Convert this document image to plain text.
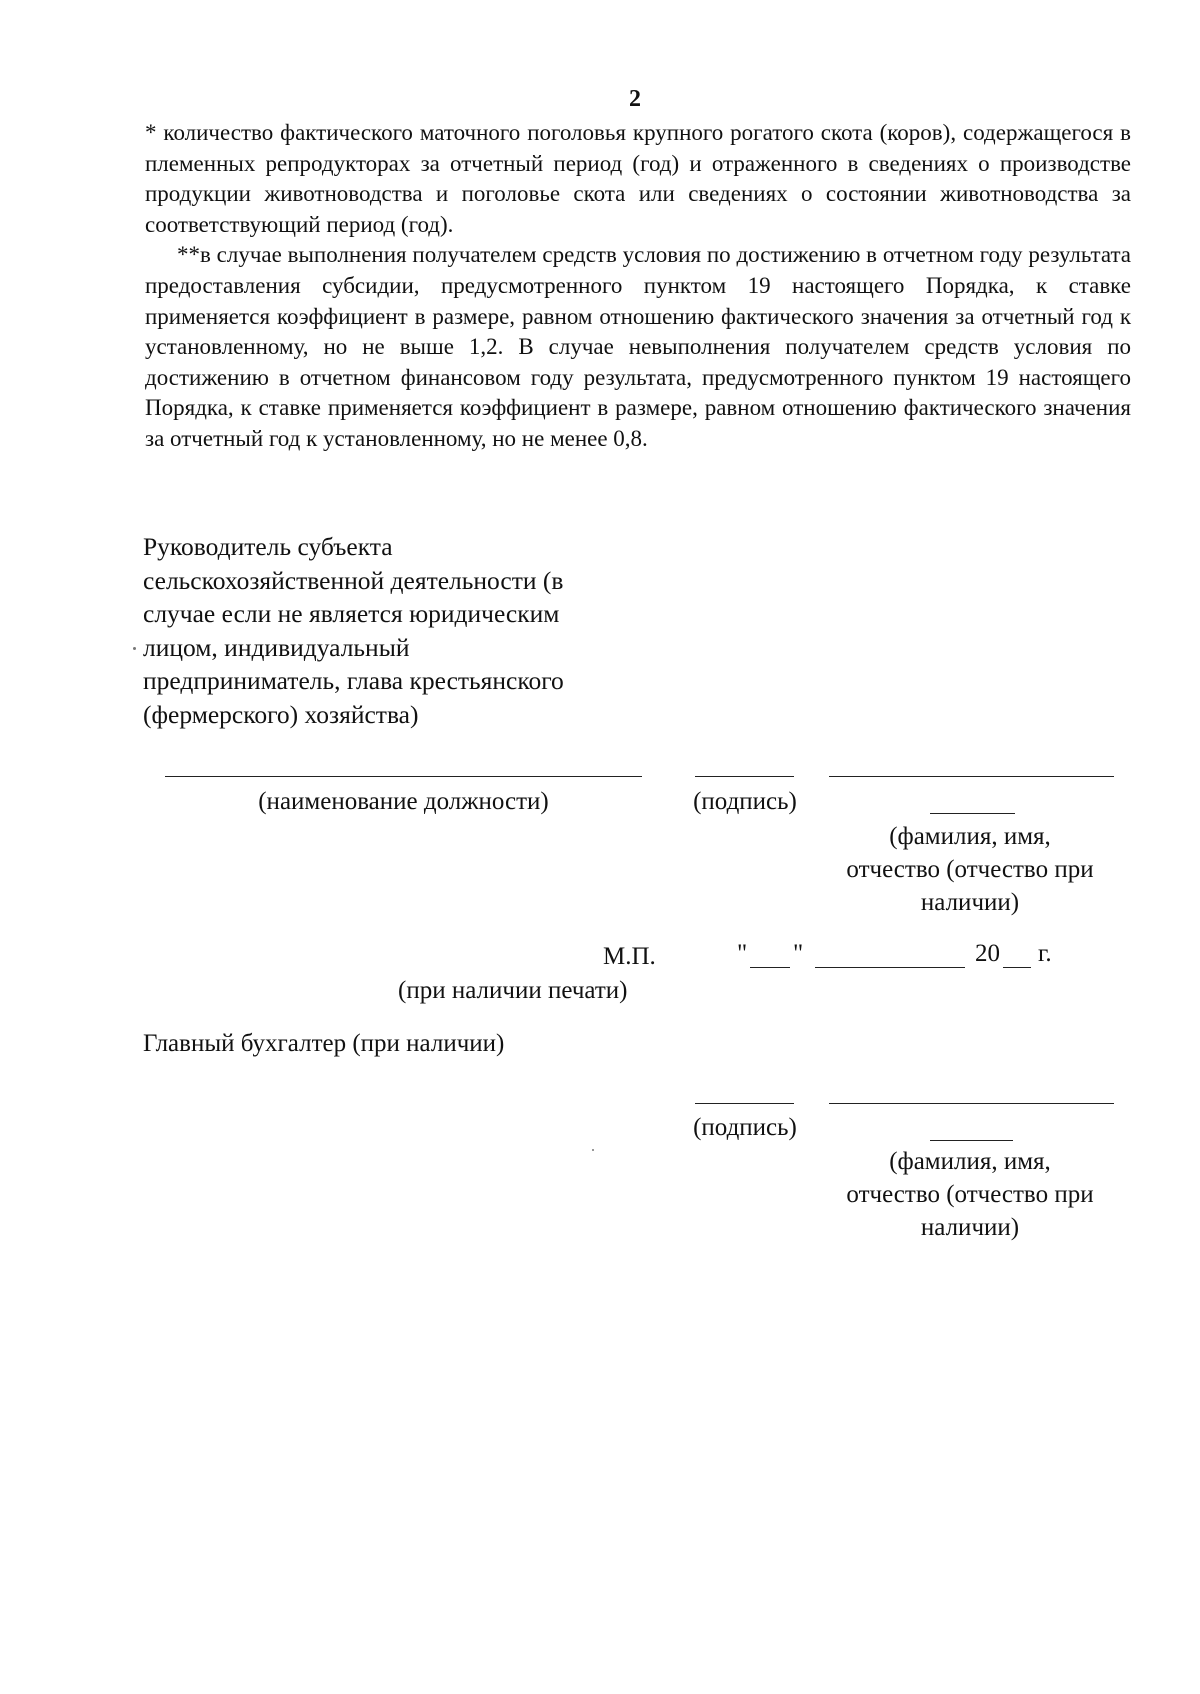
2

* количество фактического маточного поголовья крупного рогатого скота (коров), содержащегося в племенных репродукторах за отчетный период (год) и отраженного в сведениях о производстве продукции животноводства и поголовье скота или сведениях о состоянии животноводства за соответствующий период (год).

**в случае выполнения получателем средств условия по достижению в отчетном году результата предоставления субсидии, предусмотренного пунктом 19 настоящего Порядка, к ставке применяется коэффициент в размере, равном отношению фактического значения за отчетный год к установленному, но не выше 1,2. В случае невыполнения получателем средств условия по достижению в отчетном финансовом году результата, предусмотренного пунктом 19 настоящего Порядка, к ставке применяется коэффициент в размере, равном отношению фактического значения за отчетный год к установленному, но не менее 0,8.

Руководитель субъекта
сельскохозяйственной деятельности (в
случае если не является юридическим
лицом, индивидуальный
предприниматель, глава крестьянского
(фермерского) хозяйства)
(наименование должности)	(подпись)
(фамилия, имя,
отчество (отчество при
наличии)
М.П.
(при наличии печати)
" "	20 г.
Главный бухгалтер (при наличии)
(подпись)
(фамилия, имя,
отчество (отчество при
наличии)
